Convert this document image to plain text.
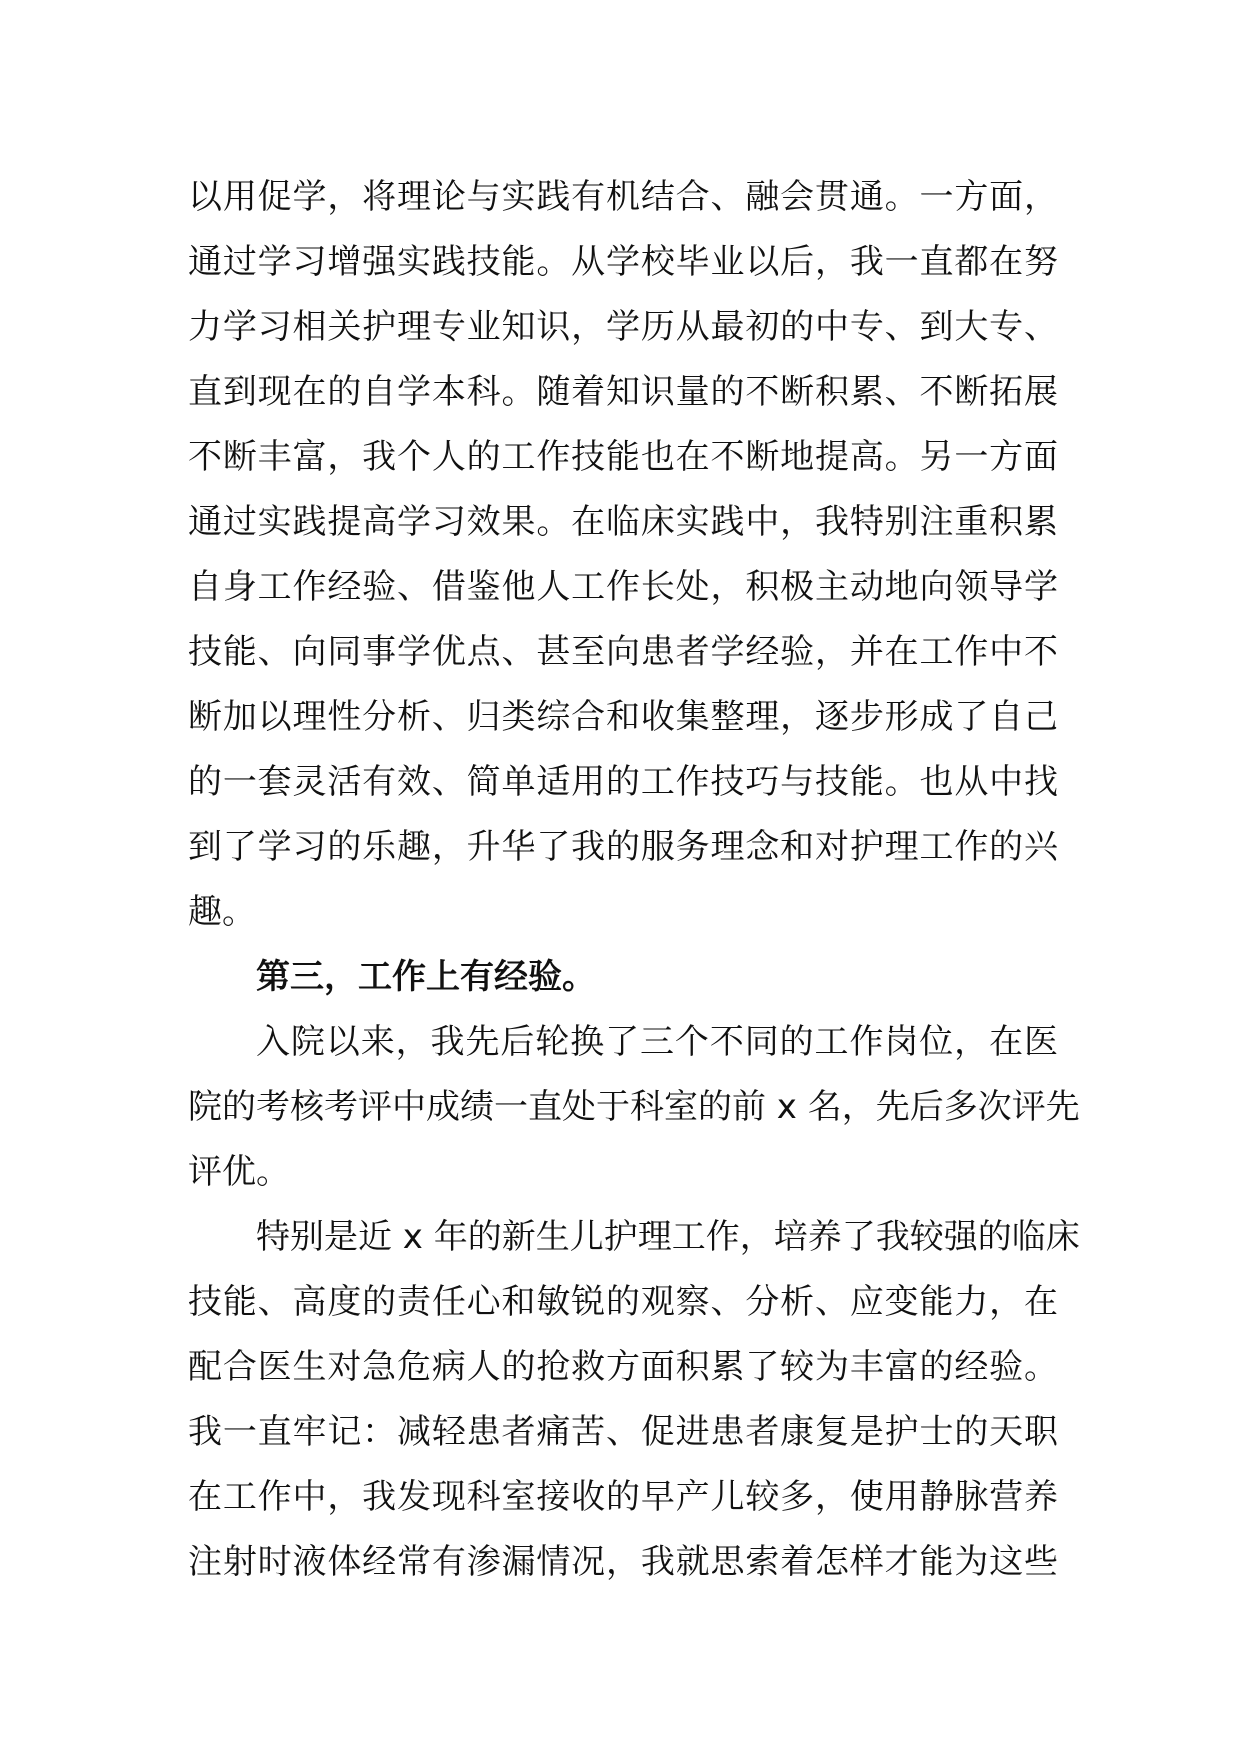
以用促学，将理论与实践有机结合、融会贯通。一方面，
通过学习增强实践技能。从学校毕业以后，我一直都在努
力学习相关护理专业知识，学历从最初的中专、到大专、
直到现在的自学本科。随着知识量的不断积累、不断拓展
不断丰富，我个人的工作技能也在不断地提高。另一方面
通过实践提高学习效果。在临床实践中，我特别注重积累
自身工作经验、借鉴他人工作长处，积极主动地向领导学
技能、向同事学优点、甚至向患者学经验，并在工作中不
断加以理性分析、归类综合和收集整理，逐步形成了自己
的一套灵活有效、简单适用的工作技巧与技能。也从中找
到了学习的乐趣，升华了我的服务理念和对护理工作的兴
趣。
第三，工作上有经验。
入院以来，我先后轮换了三个不同的工作岗位，在医
院的考核考评中成绩一直处于科室的前 x 名，先后多次评先
评优。
特别是近 x 年的新生儿护理工作，培养了我较强的临床
技能、高度的责任心和敏锐的观察、分析、应变能力，在
配合医生对急危病人的抢救方面积累了较为丰富的经验。
我一直牢记：减轻患者痛苦、促进患者康复是护士的天职
在工作中，我发现科室接收的早产儿较多，使用静脉营养
注射时液体经常有渗漏情况，我就思索着怎样才能为这些
